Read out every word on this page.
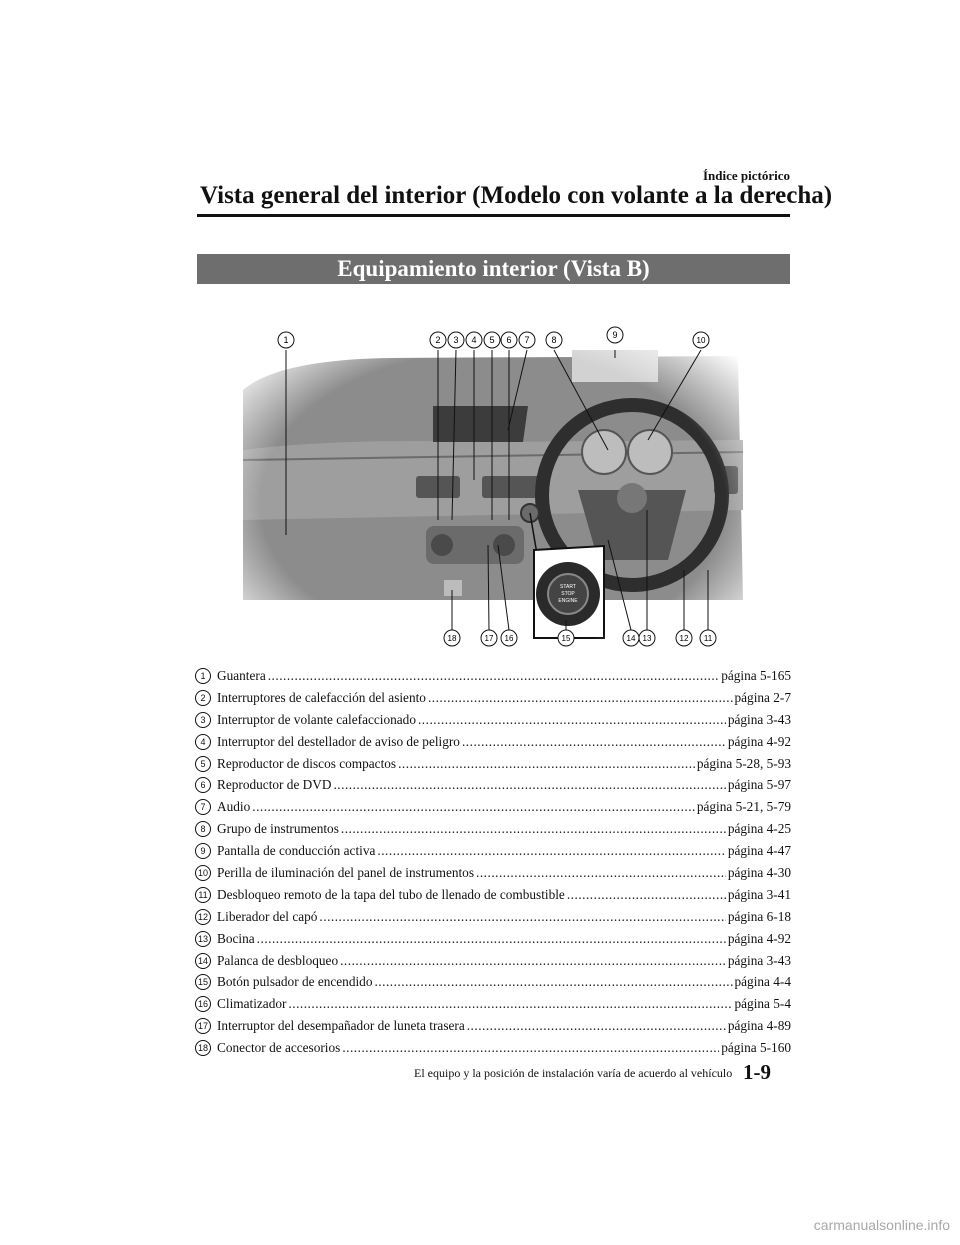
Índice pictórico
Vista general del interior (Modelo con volante a la derecha)
Equipamiento interior (Vista B)
1	2 3 4 5 6 7 8	9
10
18	17 16	15	14 13	12 11
1 Guantera .....	página 5-165
2 Interruptores de calefacción del asiento .....	página 2-7
3 Interruptor de volante calefaccionado .....	página 3-43
4 Interruptor del destellador de aviso de peligro .....	página 4-92
5 Reproductor de discos compactos .....	página 5-28, 5-93
6 Reproductor de DVD .....	página 5-97
7 Audio .....	página 5-21, 5-79
8 Grupo de instrumentos .....	página 4-25
9 Pantalla de conducción activa .....	página 4-47
10 Perilla de iluminación del panel de instrumentos .....	página 4-30
11 Desbloqueo remoto de la tapa del tubo de llenado de combustible .....	página 3-41
12 Liberador del capó .....	página 6-18
13 Bocina .....	página 4-92
14 Palanca de desbloqueo .....	página 3-43
15 Botón pulsador de encendido .....	página 4-4
16 Climatizador .....	página 5-4
17 Interruptor del desempañador de luneta trasera .....	página 4-89
18 Conector de accesorios .....	página 5-160
El equipo y la posición de instalación varía de acuerdo al vehículo 1-9
carmanualsonline.info
